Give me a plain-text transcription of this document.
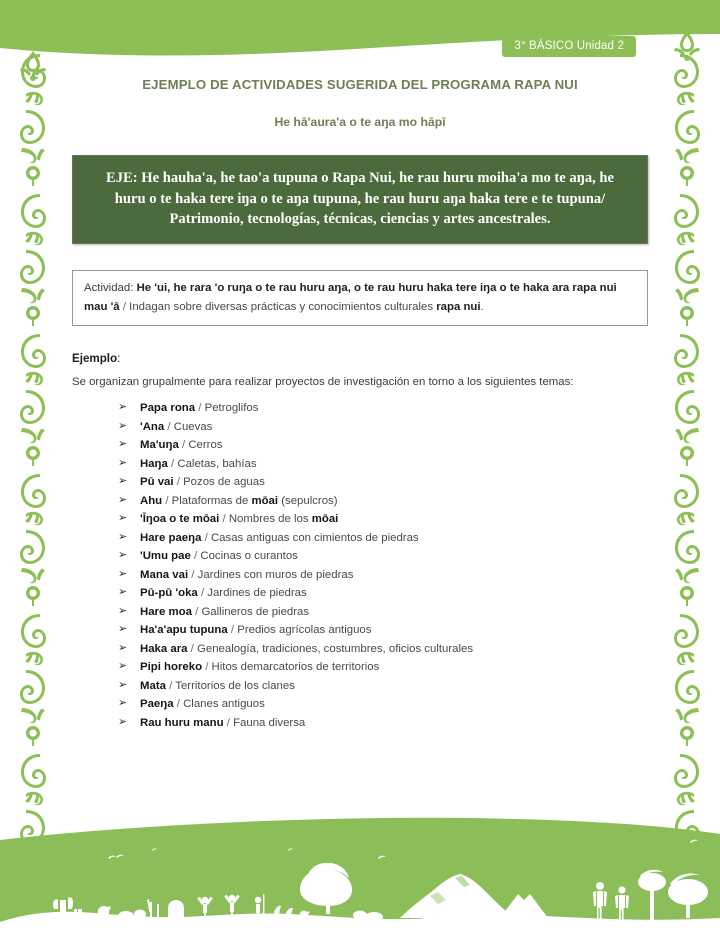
3° BÁSICO Unidad 2
EJEMPLO DE ACTIVIDADES SUGERIDA DEL PROGRAMA RAPA NUI
He hā'aura'a o te aŋa mo hāpī
EJE: He hauha'a, he tao'a tupuna o Rapa Nui, he rau huru moiha'a mo te aŋa, he huru o te haka tere iŋa o te aŋa tupuna, he rau huru aŋa haka tere e te tupuna/ Patrimonio, tecnologías, técnicas, ciencias y artes ancestrales.
Actividad: He 'ui, he rara 'o ruŋa o te rau huru aŋa, o te rau huru haka tere iŋa o te haka ara rapa nui mau 'ā / Indagan sobre diversas prácticas y conocimientos culturales rapa nui.
Ejemplo:
Se organizan grupalmente para realizar proyectos de investigación en torno a los siguientes temas:
➢ Papa rona / Petroglifos
➢ 'Ana / Cuevas
➢ Ma'uŋa / Cerros
➢ Haŋa / Caletas, bahías
➢ Pū vai / Pozos de aguas
➢ Ahu / Plataformas de mōai (sepulcros)
➢ 'Īŋoa o te mōai / Nombres de los mōai
➢ Hare paeŋa / Casas antiguas con cimientos de piedras
➢ 'Umu pae / Cocinas o curantos
➢ Mana vai / Jardines con muros de piedras
➢ Pū-pū 'oka / Jardines de piedras
➢ Hare moa / Gallineros de piedras
➢ Ha'a'apu tupuna / Predios agrícolas antiguos
➢ Haka ara / Genealogía, tradiciones, costumbres, oficios culturales
➢ Pipi horeko / Hitos demarcatorios de territorios
➢ Mata / Territorios de los clanes
➢ Paeŋa / Clanes antiguos
➢ Rau huru manu / Fauna diversa
